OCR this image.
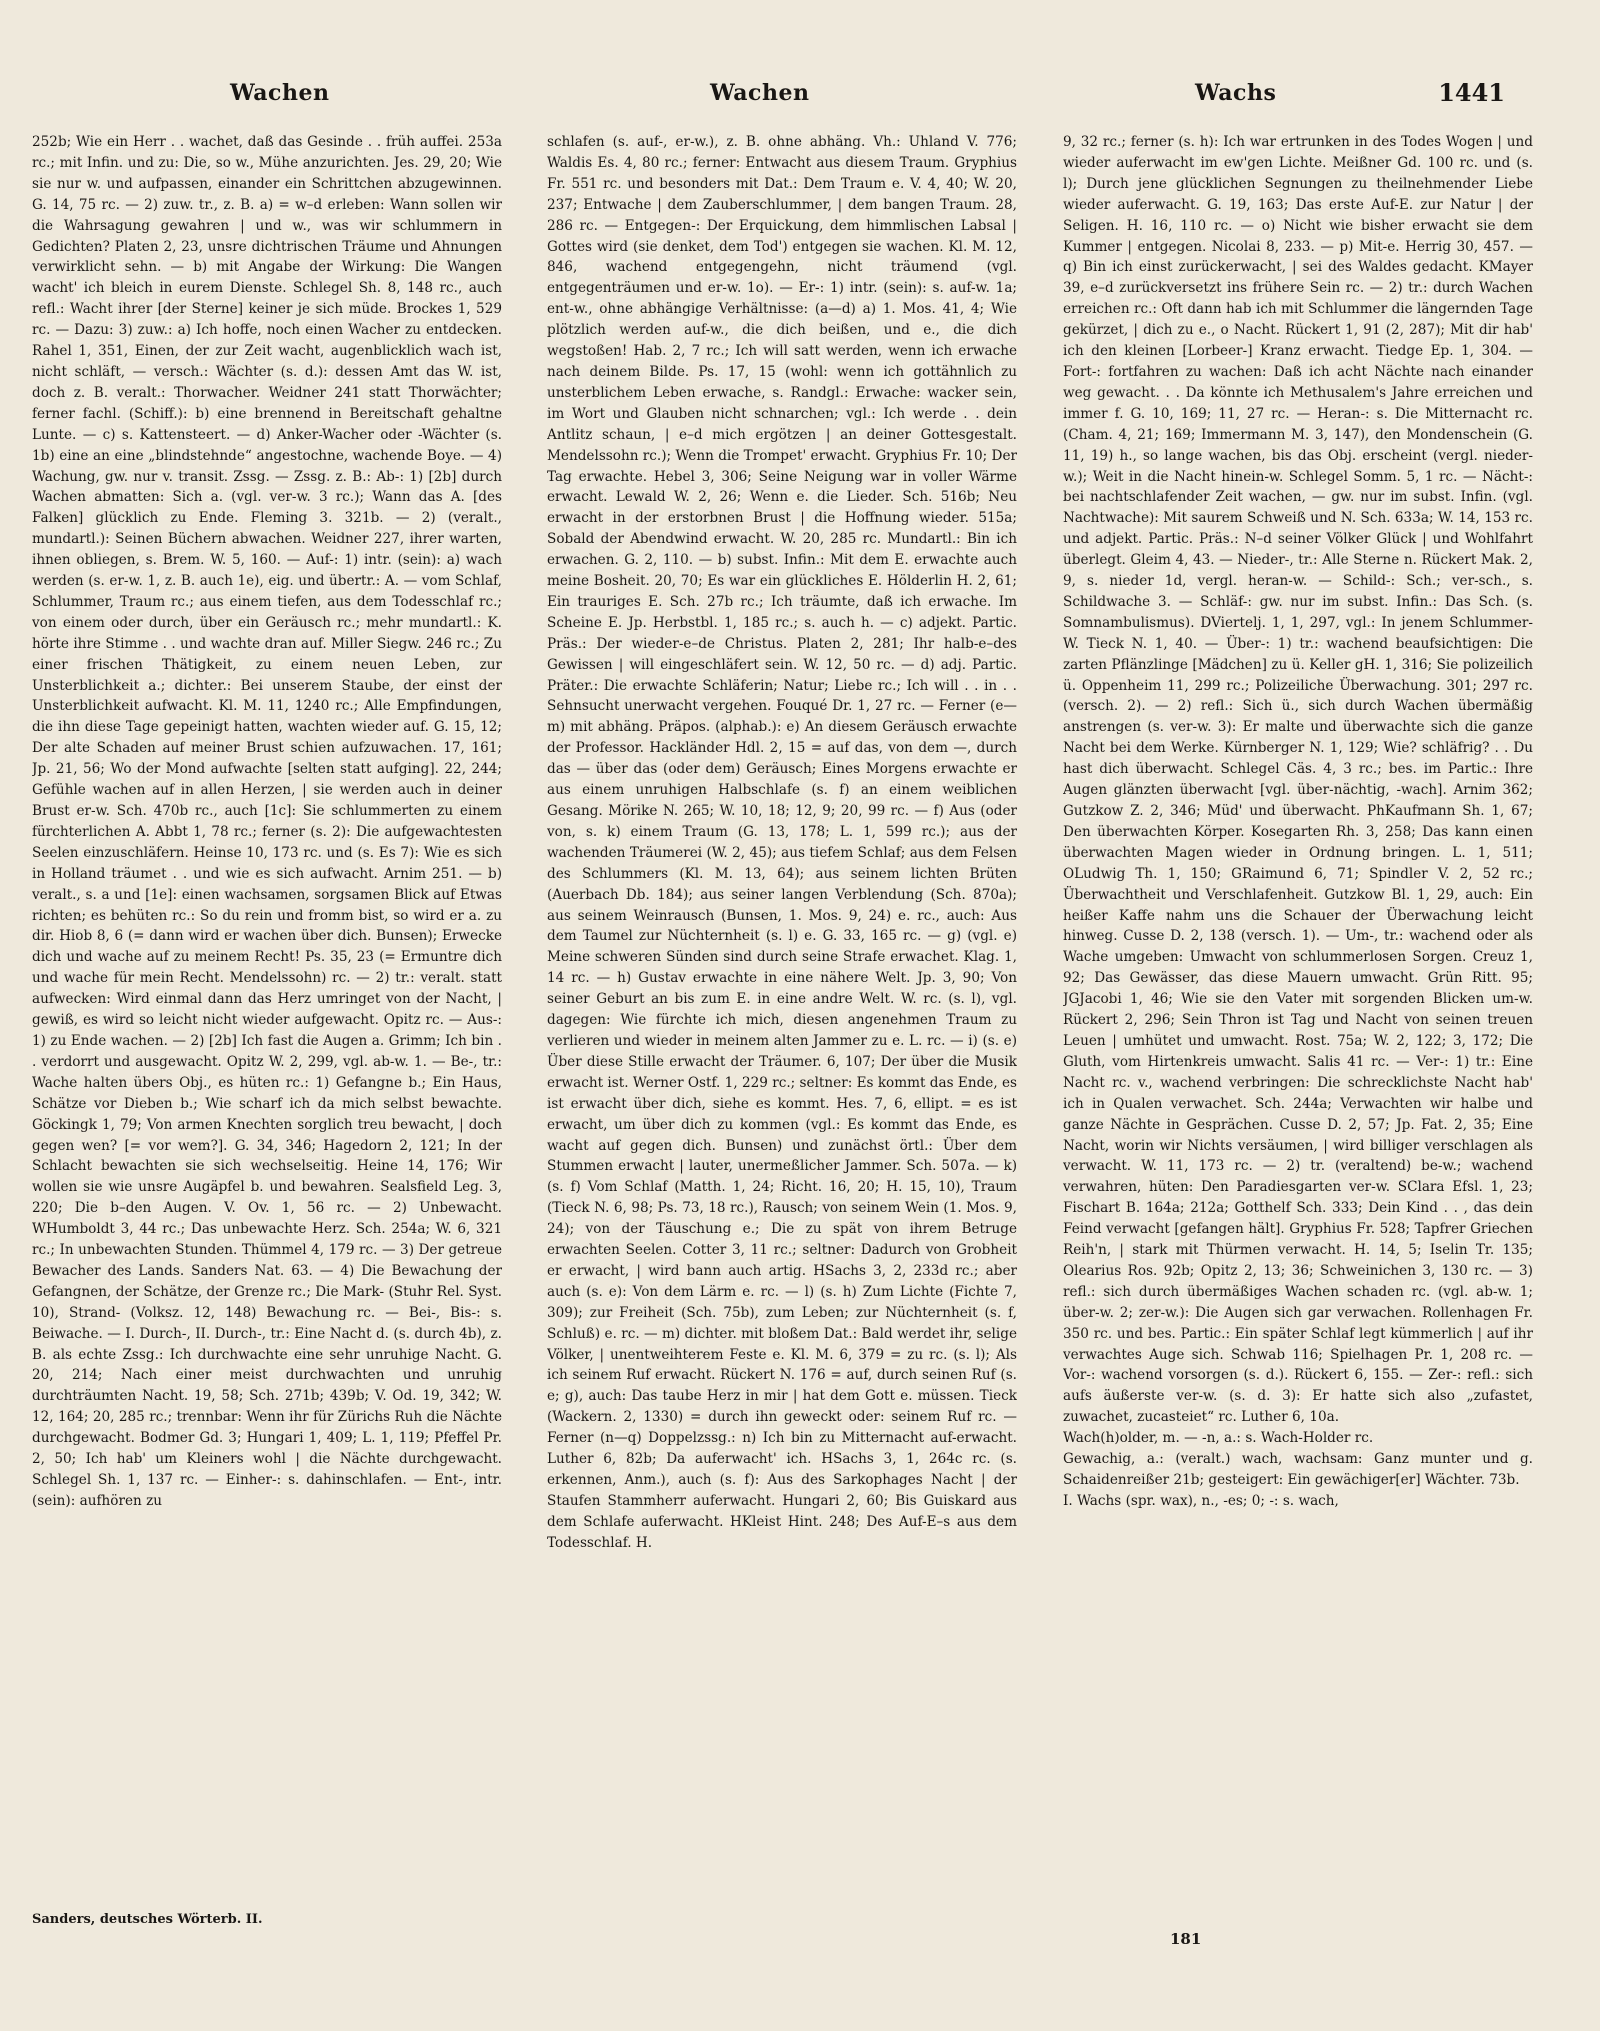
Wachen	Wachen	Wachs	1441

252b; Wie ein Herr . . wachet, daß das Gesinde . . früh auffei. 253a rc.; mit Infin. und zu: Die, so w., Mühe anzurichten. Jes. 29, 20; Wie sie nur w. und aufpassen, einander ein Schrittchen abzugewinnen. G. 14, 75 rc. — 2) zuw. tr., z. B. a) = w–d erleben: Wann sollen wir die Wahrsagung gewahren | und w., was wir schlummern in Gedichten? Platen 2, 23, unsre dichtrischen Träume und Ahnungen verwirklicht sehn. — b) mit Angabe der Wirkung: Die Wangen wacht' ich bleich in eurem Dienste. Schlegel Sh. 8, 148 rc., auch refl.: Wacht ihrer [der Sterne] keiner je sich müde. Brockes 1, 529 rc. — Dazu: 3) zuw.: a) Ich hoffe, noch einen Wacher zu entdecken. Rahel 1, 351, Einen, der zur Zeit wacht, augenblicklich wach ist, nicht schläft, — versch.: Wächter (s. d.): dessen Amt das W. ist, doch z. B. veralt.: Thorwacher. Weidner 241 statt Thorwächter; ferner fachl. (Schiff.): b) eine brennend in Bereitschaft gehaltne Lunte. — c) s. Kattensteert. — d) Anker-Wacher oder -Wächter (s. 1b) eine an eine „blindstehnde“ angestochne, wachende Boye. — 4) Wachung, gw. nur v. transit. Zssg. — Zssg. z. B.: Ab-: 1) [2b] durch Wachen abmatten: Sich a. (vgl. ver-w. 3 rc.); Wann das A. [des Falken] glücklich zu Ende. Fleming 3. 321b. — 2) (veralt., mundartl.): Seinen Büchern abwachen. Weidner 227, ihrer warten, ihnen obliegen, s. Brem. W. 5, 160. — Auf-: 1) intr. (sein): a) wach werden (s. er-w. 1, z. B. auch 1e), eig. und übertr.: A. — vom Schlaf, Schlummer, Traum rc.; aus einem tiefen, aus dem Todesschlaf rc.; von einem oder durch, über ein Geräusch rc.; mehr mundartl.: K. hörte ihre Stimme . . und wachte dran auf. Miller Siegw. 246 rc.; Zu einer frischen Thätigkeit, zu einem neuen Leben, zur Unsterblichkeit a.; dichter.: Bei unserem Staube, der einst der Unsterblichkeit aufwacht. Kl. M. 11, 1240 rc.; Alle Empfindungen, die ihn diese Tage gepeinigt hatten, wachten wieder auf. G. 15, 12; Der alte Schaden auf meiner Brust schien aufzuwachen. 17, 161; Jp. 21, 56; Wo der Mond aufwachte [selten statt aufging]. 22, 244; Gefühle wachen auf in allen Herzen, | sie werden auch in deiner Brust er-w. Sch. 470b rc., auch [1c]: Sie schlummerten zu einem fürchterlichen A. Abbt 1, 78 rc.; ferner (s. 2): Die aufgewachtesten Seelen einzuschläfern. Heinse 10, 173 rc. und (s. Es 7): Wie es sich in Holland träumet . . und wie es sich aufwacht. Arnim 251. — b) veralt., s. a und [1e]: einen wachsamen, sorgsamen Blick auf Etwas richten; es behüten rc.: So du rein und fromm bist, so wird er a. zu dir. Hiob 8, 6 (= dann wird er wachen über dich. Bunsen); Erwecke dich und wache auf zu meinem Recht! Ps. 35, 23 (= Ermuntre dich und wache für mein Recht. Mendelssohn) rc. — 2) tr.: veralt. statt aufwecken: Wird einmal dann das Herz umringet von der Nacht, | gewiß, es wird so leicht nicht wieder aufgewacht. Opitz rc. — Aus-: 1) zu Ende wachen. — 2) [2b] Ich fast die Augen a. Grimm; Ich bin . . verdorrt und ausgewacht. Opitz W. 2, 299, vgl. ab-w. 1. — Be-, tr.: Wache halten übers Obj., es hüten rc.: 1) Gefangne b.; Ein Haus, Schätze vor Dieben b.; Wie scharf ich da mich selbst bewachte. Göckingk 1, 79; Von armen Knechten sorglich treu bewacht, | doch gegen wen? [= vor wem?]. G. 34, 346; Hagedorn 2, 121; In der Schlacht bewachten sie sich wechselseitig. Heine 14, 176; Wir wollen sie wie unsre Augäpfel b. und bewahren. Sealsfield Leg. 3, 220; Die b–den Augen. V. Ov. 1, 56 rc. — 2) Unbewacht. WHumboldt 3, 44 rc.; Das unbewachte Herz. Sch. 254a; W. 6, 321 rc.; In unbewachten Stunden. Thümmel 4, 179 rc. — 3) Der getreue Bewacher des Lands. Sanders Nat. 63. — 4) Die Bewachung der Gefangnen, der Schätze, der Grenze rc.; Die Mark- (Stuhr Rel. Syst. 10), Strand- (Volksz. 12, 148) Bewachung rc. — Bei-, Bis-: s. Beiwache. — I. Durch-, II. Durch-, tr.: Eine Nacht d. (s. durch 4b), z. B. als echte Zssg.: Ich durchwachte eine sehr unruhige Nacht. G. 20, 214; Nach einer meist durchwachten und unruhig durchträumten Nacht. 19, 58; Sch. 271b; 439b; V. Od. 19, 342; W. 12, 164; 20, 285 rc.; trennbar: Wenn ihr für Zürichs Ruh die Nächte durchgewacht. Bodmer Gd. 3; Hungari 1, 409; L. 1, 119; Pfeffel Pr. 2, 50; Ich hab' um Kleiners wohl | die Nächte durchgewacht. Schlegel Sh. 1, 137 rc. — Einher-: s. dahinschlafen. — Ent-, intr. (sein): aufhören zu

schlafen (s. auf-, er-w.), z. B. ohne abhäng. Vh.: Uhland V. 776; Waldis Es. 4, 80 rc.; ferner: Entwacht aus diesem Traum. Gryphius Fr. 551 rc. und besonders mit Dat.: Dem Traum e. V. 4, 40; W. 20, 237; Entwache | dem Zauberschlummer, | dem bangen Traum. 28, 286 rc. — Entgegen-: Der Erquickung, dem himmlischen Labsal | Gottes wird (sie denket, dem Tod') entgegen sie wachen. Kl. M. 12, 846, wachend entgegengehn, nicht träumend (vgl. entgegenträumen und er-w. 1o). — Er-: 1) intr. (sein): s. auf-w. 1a; ent-w., ohne abhängige Verhältnisse: (a—d) a) 1. Mos. 41, 4; Wie plötzlich werden auf-w., die dich beißen, und e., die dich wegstoßen! Hab. 2, 7 rc.; Ich will satt werden, wenn ich erwache nach deinem Bilde. Ps. 17, 15 (wohl: wenn ich gottähnlich zu unsterblichem Leben erwache, s. Randgl.: Erwache: wacker sein, im Wort und Glauben nicht schnarchen; vgl.: Ich werde . . dein Antlitz schaun, | e–d mich ergötzen | an deiner Gottesgestalt. Mendelssohn rc.); Wenn die Trompet' erwacht. Gryphius Fr. 10; Der Tag erwachte. Hebel 3, 306; Seine Neigung war in voller Wärme erwacht. Lewald W. 2, 26; Wenn e. die Lieder. Sch. 516b; Neu erwacht in der erstorbnen Brust | die Hoffnung wieder. 515a; Sobald der Abendwind erwacht. W. 20, 285 rc. Mundartl.: Bin ich erwachen. G. 2, 110. — b) subst. Infin.: Mit dem E. erwachte auch meine Bosheit. 20, 70; Es war ein glückliches E. Hölderlin H. 2, 61; Ein trauriges E. Sch. 27b rc.; Ich träumte, daß ich erwache. Im Scheine E. Jp. Herbstbl. 1, 185 rc.; s. auch h. — c) adjekt. Partic. Präs.: Der wieder-e–de Christus. Platen 2, 281; Ihr halb-e–des Gewissen | will eingeschläfert sein. W. 12, 50 rc. — d) adj. Partic. Präter.: Die erwachte Schläferin; Natur; Liebe rc.; Ich will . . in . . Sehnsucht unerwacht vergehen. Fouqué Dr. 1, 27 rc. — Ferner (e—m) mit abhäng. Präpos. (alphab.): e) An diesem Geräusch erwachte der Professor. Hackländer Hdl. 2, 15 = auf das, von dem —, durch das — über das (oder dem) Geräusch; Eines Morgens erwachte er aus einem unruhigen Halbschlafe (s. f) an einem weiblichen Gesang. Mörike N. 265; W. 10, 18; 12, 9; 20, 99 rc. — f) Aus (oder von, s. k) einem Traum (G. 13, 178; L. 1, 599 rc.); aus der wachenden Träumerei (W. 2, 45); aus tiefem Schlaf; aus dem Felsen des Schlummers (Kl. M. 13, 64); aus seinem lichten Brüten (Auerbach Db. 184); aus seiner langen Verblendung (Sch. 870a); aus seinem Weinrausch (Bunsen, 1. Mos. 9, 24) e. rc., auch: Aus dem Taumel zur Nüchternheit (s. l) e. G. 33, 165 rc. — g) (vgl. e) Meine schweren Sünden sind durch seine Strafe erwachet. Klag. 1, 14 rc. — h) Gustav erwachte in eine nähere Welt. Jp. 3, 90; Von seiner Geburt an bis zum E. in eine andre Welt. W. rc. (s. l), vgl. dagegen: Wie fürchte ich mich, diesen angenehmen Traum zu verlieren und wieder in meinem alten Jammer zu e. L. rc. — i) (s. e) Über diese Stille erwacht der Träumer. 6, 107; Der über die Musik erwacht ist. Werner Ostf. 1, 229 rc.; seltner: Es kommt das Ende, es ist erwacht über dich, siehe es kommt. Hes. 7, 6, ellipt. = es ist erwacht, um über dich zu kommen (vgl.: Es kommt das Ende, es wacht auf gegen dich. Bunsen) und zunächst örtl.: Über dem Stummen erwacht | lauter, unermeßlicher Jammer. Sch. 507a. — k) (s. f) Vom Schlaf (Matth. 1, 24; Richt. 16, 20; H. 15, 10), Traum (Tieck N. 6, 98; Ps. 73, 18 rc.), Rausch; von seinem Wein (1. Mos. 9, 24); von der Täuschung e.; Die zu spät von ihrem Betruge erwachten Seelen. Cotter 3, 11 rc.; seltner: Dadurch von Grobheit er erwacht, | wird bann auch artig. HSachs 3, 2, 233d rc.; aber auch (s. e): Von dem Lärm e. rc. — l) (s. h) Zum Lichte (Fichte 7, 309); zur Freiheit (Sch. 75b), zum Leben; zur Nüchternheit (s. f, Schluß) e. rc. — m) dichter. mit bloßem Dat.: Bald werdet ihr, selige Völker, | unentweihterem Feste e. Kl. M. 6, 379 = zu rc. (s. l); Als ich seinem Ruf erwacht. Rückert N. 176 = auf, durch seinen Ruf (s. e; g), auch: Das taube Herz in mir | hat dem Gott e. müssen. Tieck (Wackern. 2, 1330) = durch ihn geweckt oder: seinem Ruf rc. — Ferner (n—q) Doppelzssg.: n) Ich bin zu Mitternacht auf-erwacht. Luther 6, 82b; Da auferwacht' ich. HSachs 3, 1, 264c rc. (s. erkennen, Anm.), auch (s. f): Aus des Sarkophages Nacht | der Staufen Stammherr auferwacht. Hungari 2, 60; Bis Guiskard aus dem Schlafe auferwacht. HKleist Hint. 248; Des Auf-E–s aus dem Todesschlaf. H.

9, 32 rc.; ferner (s. h): Ich war ertrunken in des Todes Wogen | und wieder auferwacht im ew'gen Lichte. Meißner Gd. 100 rc. und (s. l); Durch jene glücklichen Segnungen zu theilnehmender Liebe wieder auferwacht. G. 19, 163; Das erste Auf-E. zur Natur | der Seligen. H. 16, 110 rc. — o) Nicht wie bisher erwacht sie dem Kummer | entgegen. Nicolai 8, 233. — p) Mit-e. Herrig 30, 457. — q) Bin ich einst zurückerwacht, | sei des Waldes gedacht. KMayer 39, e–d zurückversetzt ins frühere Sein rc. — 2) tr.: durch Wachen erreichen rc.: Oft dann hab ich mit Schlummer die längernden Tage gekürzet, | dich zu e., o Nacht. Rückert 1, 91 (2, 287); Mit dir hab' ich den kleinen [Lorbeer-] Kranz erwacht. Tiedge Ep. 1, 304. — Fort-: fortfahren zu wachen: Daß ich acht Nächte nach einander weg gewacht. . . Da könnte ich Methusalem's Jahre erreichen und immer f. G. 10, 169; 11, 27 rc. — Heran-: s. Die Mitternacht rc. (Cham. 4, 21; 169; Immermann M. 3, 147), den Mondenschein (G. 11, 19) h., so lange wachen, bis das Obj. erscheint (vergl. nieder-w.); Weit in die Nacht hinein-w. Schlegel Somm. 5, 1 rc. — Nächt-: bei nachtschlafender Zeit wachen, — gw. nur im subst. Infin. (vgl. Nachtwache): Mit saurem Schweiß und N. Sch. 633a; W. 14, 153 rc. und adjekt. Partic. Präs.: N–d seiner Völker Glück | und Wohlfahrt überlegt. Gleim 4, 43. — Nieder-, tr.: Alle Sterne n. Rückert Mak. 2, 9, s. nieder 1d, vergl. heran-w. — Schild-: Sch.; ver-sch., s. Schildwache 3. — Schläf-: gw. nur im subst. Infin.: Das Sch. (s. Somnambulismus). DViertelj. 1, 1, 297, vgl.: In jenem Schlummer-W. Tieck N. 1, 40. — Über-: 1) tr.: wachend beaufsichtigen: Die zarten Pflänzlinge [Mädchen] zu ü. Keller gH. 1, 316; Sie polizeilich ü. Oppenheim 11, 299 rc.; Polizeiliche Überwachung. 301; 297 rc. (versch. 2). — 2) refl.: Sich ü., sich durch Wachen übermäßig anstrengen (s. ver-w. 3): Er malte und überwachte sich die ganze Nacht bei dem Werke. Kürnberger N. 1, 129; Wie? schläfrig? . . Du hast dich überwacht. Schlegel Cäs. 4, 3 rc.; bes. im Partic.: Ihre Augen glänzten überwacht [vgl. über-nächtig, -wach]. Arnim 362; Gutzkow Z. 2, 346; Müd' und überwacht. PhKaufmann Sh. 1, 67; Den überwachten Körper. Kosegarten Rh. 3, 258; Das kann einen überwachten Magen wieder in Ordnung bringen. L. 1, 511; OLudwig Th. 1, 150; GRaimund 6, 71; Spindler V. 2, 52 rc.; Überwachtheit und Verschlafenheit. Gutzkow Bl. 1, 29, auch: Ein heißer Kaffe nahm uns die Schauer der Überwachung leicht hinweg. Cusse D. 2, 138 (versch. 1). — Um-, tr.: wachend oder als Wache umgeben: Umwacht von schlummerlosen Sorgen. Creuz 1, 92; Das Gewässer, das diese Mauern umwacht. Grün Ritt. 95; JGJacobi 1, 46; Wie sie den Vater mit sorgenden Blicken um-w. Rückert 2, 296; Sein Thron ist Tag und Nacht von seinen treuen Leuen | umhütet und umwacht. Rost. 75a; W. 2, 122; 3, 172; Die Gluth, vom Hirtenkreis umwacht. Salis 41 rc. — Ver-: 1) tr.: Eine Nacht rc. v., wachend verbringen: Die schrecklichste Nacht hab' ich in Qualen verwachet. Sch. 244a; Verwachten wir halbe und ganze Nächte in Gesprächen. Cusse D. 2, 57; Jp. Fat. 2, 35; Eine Nacht, worin wir Nichts versäumen, | wird billiger verschlagen als verwacht. W. 11, 173 rc. — 2) tr. (veraltend) be-w.; wachend verwahren, hüten: Den Paradiesgarten ver-w. SClara Efsl. 1, 23; Fischart B. 164a; 212a; Gotthelf Sch. 333; Dein Kind . . , das dein Feind verwacht [gefangen hält]. Gryphius Fr. 528; Tapfrer Griechen Reih'n, | stark mit Thürmen verwacht. H. 14, 5; Iselin Tr. 135; Olearius Ros. 92b; Opitz 2, 13; 36; Schweinichen 3, 130 rc. — 3) refl.: sich durch übermäßiges Wachen schaden rc. (vgl. ab-w. 1; über-w. 2; zer-w.): Die Augen sich gar verwachen. Rollenhagen Fr. 350 rc. und bes. Partic.: Ein später Schlaf legt kümmerlich | auf ihr verwachtes Auge sich. Schwab 116; Spielhagen Pr. 1, 208 rc. — Vor-: wachend vorsorgen (s. d.). Rückert 6, 155. — Zer-: refl.: sich aufs äußerste ver-w. (s. d. 3): Er hatte sich also „zufastet, zuwachet, zucasteiet“ rc. Luther 6, 10a.

Wach(h)older, m. — -n, a.: s. Wach-Holder rc.

Gewachig, a.: (veralt.) wach, wachsam: Ganz munter und g. Schaidenreißer 21b; gesteigert: Ein gewächiger[er] Wächter. 73b.

I. Wachs (spr. wax), n., -es; 0; -: s. wach,

Sanders, deutsches Wörterb. II.
181
